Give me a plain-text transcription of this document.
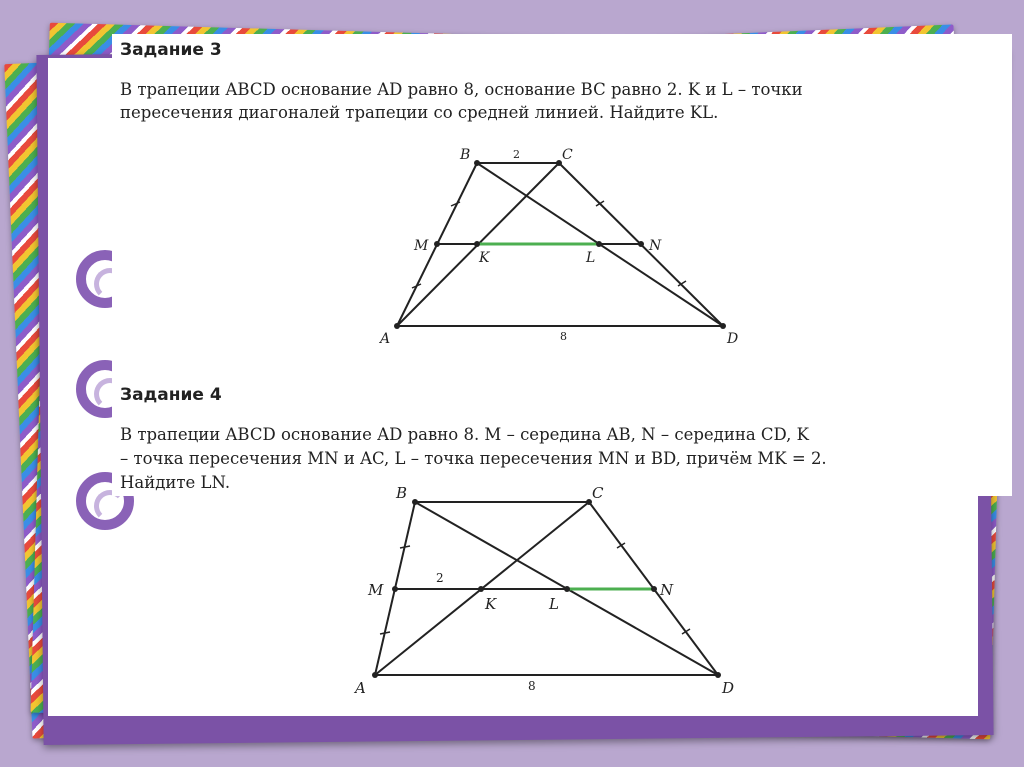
Задание 3

В трапеции ABCD основание AD равно 8, основание BC равно 2. K и L – точки

пересечения диагоналей трапеции со средней линией. Найдите KL.

B	C
M	N
K	L
A	D
2
8

Задание 4

В трапеции ABCD основание AD равно 8. M – середина AB, N – середина CD, K

– точка пересечения MN и AC, L – точка пересечения MN и BD, причём MK = 2.

Найдите LN.

B	C
M	N
K	L
A	D
2
8
